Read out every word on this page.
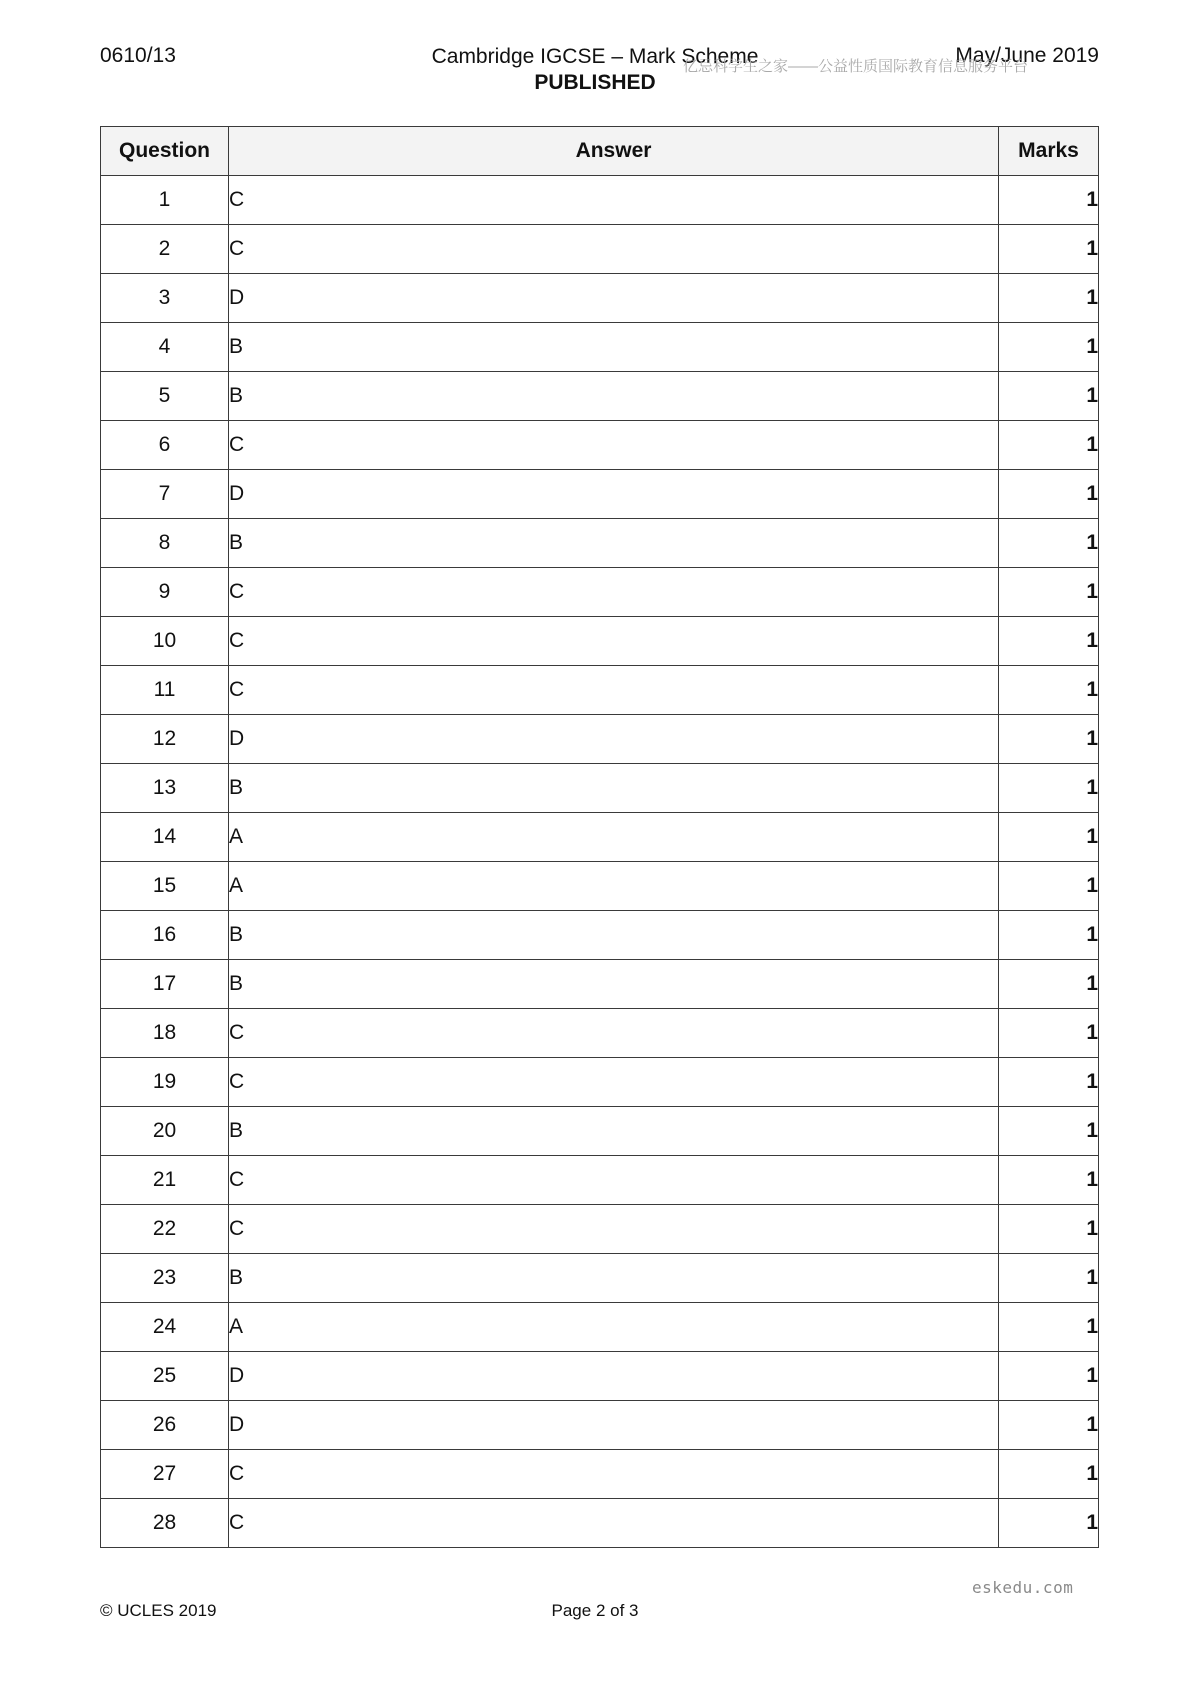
0610/13	Cambridge IGCSE – Mark Scheme
PUBLISHED
May/June 2019
亿忌科学生之家——公益性质国际教育信息服务平台
Question	Answer	Marks
1	C	1
2	C	1
3	D	1
4	B	1
5	B	1
6	C	1
7	D	1
8	B	1
9	C	1
10	C	1
11	C	1
12	D	1
13	B	1
14	A	1
15	A	1
16	B	1
17	B	1
18	C	1
19	C	1
20	B	1
21	C	1
22	C	1
23	B	1
24	A	1
25	D	1
26	D	1
27	C	1
28	C	1
eskedu.com
© UCLES 2019	Page 2 of 3
